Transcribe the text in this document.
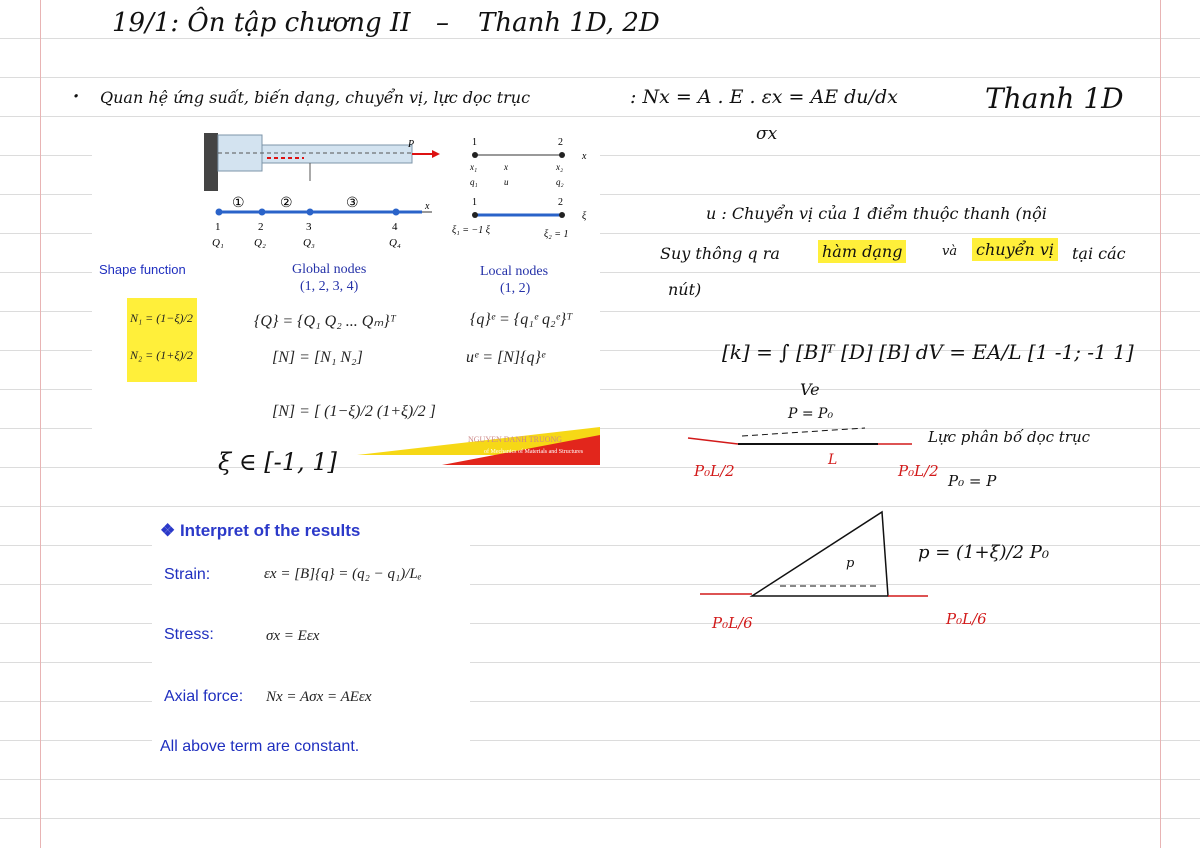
19/1: Ôn tập chương II – Thanh 1D, 2D
· Quan hệ ứng suất, biến dạng, chuyển vị, lực dọc trục	: Nx = A . E . εx = AE du/dx
σx
Thanh 1D
P
x
①	②	③
1	2	3	4
Q₁	Q₂	Q₃	Q₄
1	2
x
x₁	x	x₂
q₁	u	q₂
1	2
ξ
ξ₁ = −1 ξ	ξ₂ = 1
NGUYEN DANH TRUONG
of Mechanics of Materials and Structures
Shape function	Global nodes
(1, 2, 3, 4)
Local nodes
(1, 2)
N₁ = (1−ξ)/2
N₂ = (1+ξ)/2
{Q} = {Q₁ Q₂ ... Qₘ}ᵀ	{q}ᵉ = {q₁ᵉ q₂ᵉ}ᵀ
[N] = [N₁ N₂]	uᵉ = [N]{q}ᵉ
[N] = [ (1−ξ)/2 (1+ξ)/2 ]
ξ ∈ [-1, 1]
❖ Interpret of the results
Strain:	εx = [B]{q} = (q₂ − q₁)/Lₑ
Stress:	σx = Eεx
Axial force: Nx = Aσx = AEεx
All above term are constant.
u : Chuyển vị của 1 điểm thuộc thanh (nội
Suy thông q ra	hàm dạng	và chuyển vị tại các
nút)
[k] = ∫ [B]ᵀ [D] [B] dV = EA/L [1 -1; -1 1]
Ve
P = P₀
Lực phân bố dọc trục
L
P₀L/2	P₀L/2
P₀ = P
p
p = (1+ξ)/2 P₀
P₀L/6	P₀L/6
